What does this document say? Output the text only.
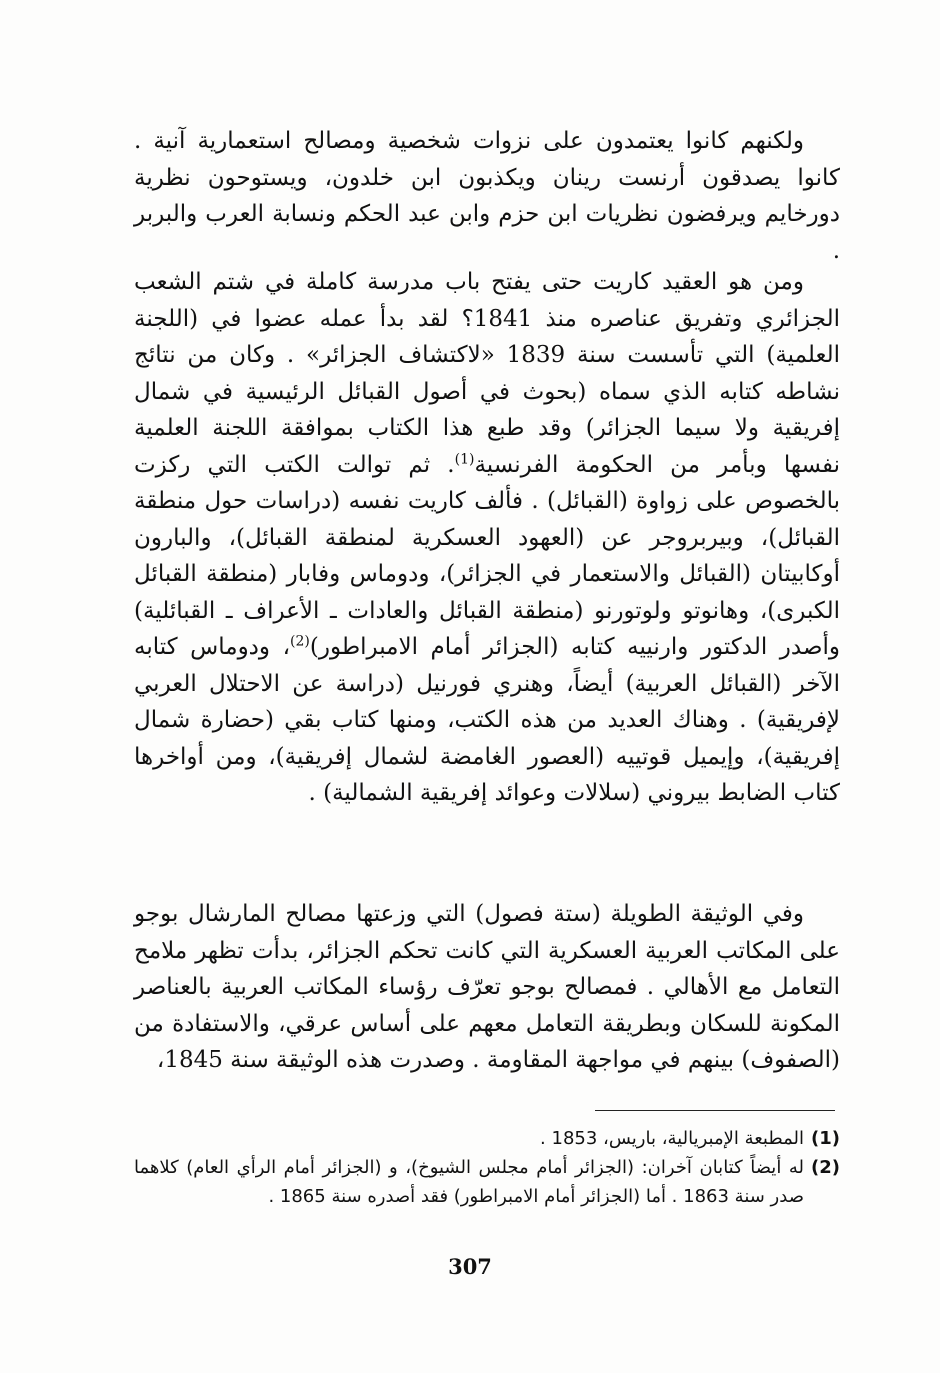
ولكنهم كانوا يعتمدون على نزوات شخصية ومصالح استعمارية آنية . كانوا يصدقون أرنست رينان ويكذبون ابن خلدون، ويستوحون نظرية دورخايم ويرفضون نظريات ابن حزم وابن عبد الحكم ونسابة العرب والبربر .

ومن هو العقيد كاريت حتى يفتح باب مدرسة كاملة في شتم الشعب الجزائري وتفريق عناصره منذ 1841؟ لقد بدأ عمله عضوا في (اللجنة العلمية) التي تأسست سنة 1839 «لاكتشاف الجزائر» . وكان من نتائج نشاطه كتابه الذي سماه (بحوث في أصول القبائل الرئيسية في شمال إفريقية ولا سيما الجزائر) وقد طبع هذا الكتاب بموافقة اللجنة العلمية نفسها وبأمر من الحكومة الفرنسية$^{(1)}$. ثم توالت الكتب التي ركزت بالخصوص على زواوة (القبائل) . فألف كاريت نفسه (دراسات حول منطقة القبائل)، وبيربروجر عن (العهود العسكرية لمنطقة القبائل)، والبارون أوكابيتان (القبائل والاستعمار في الجزائر)، ودوماس وفابار (منطقة القبائل الكبرى)، وهانوتو ولوتورنو (منطقة القبائل والعادات ـ الأعراف ـ القبائلية) وأصدر الدكتور وارنييه كتابه (الجزائر أمام الامبراطور)$^{(2)}$، ودوماس كتابه الآخر (القبائل العربية) أيضاً، وهنري فورنيل (دراسة عن الاحتلال العربي لإفريقية) . وهناك العديد من هذه الكتب، ومنها كتاب بقي (حضارة شمال إفريقية)، وإيميل قوتييه (العصور الغامضة لشمال إفريقية)، ومن أواخرها كتاب الضابط بيروني (سلالات وعوائد إفريقية الشمالية) .

وفي الوثيقة الطويلة (ستة فصول) التي وزعتها مصالح المارشال بوجو على المكاتب العربية العسكرية التي كانت تحكم الجزائر، بدأت تظهر ملامح التعامل مع الأهالي . فمصالح بوجو تعرّف رؤساء المكاتب العربية بالعناصر المكونة للسكان وبطريقة التعامل معهم على أساس عرقي، والاستفادة من (الصفوف) بينهم في مواجهة المقاومة . وصدرت هذه الوثيقة سنة 1845،

(1)
المطبعة الإمبريالية، باريس، 1853 .
(2)
له أيضاً كتابان آخران: (الجزائر أمام مجلس الشيوخ)، و (الجزائر أمام الرأي العام) كلاهما صدر سنة 1863 . أما (الجزائر أمام الامبراطور) فقد أصدره سنة 1865 .
307
